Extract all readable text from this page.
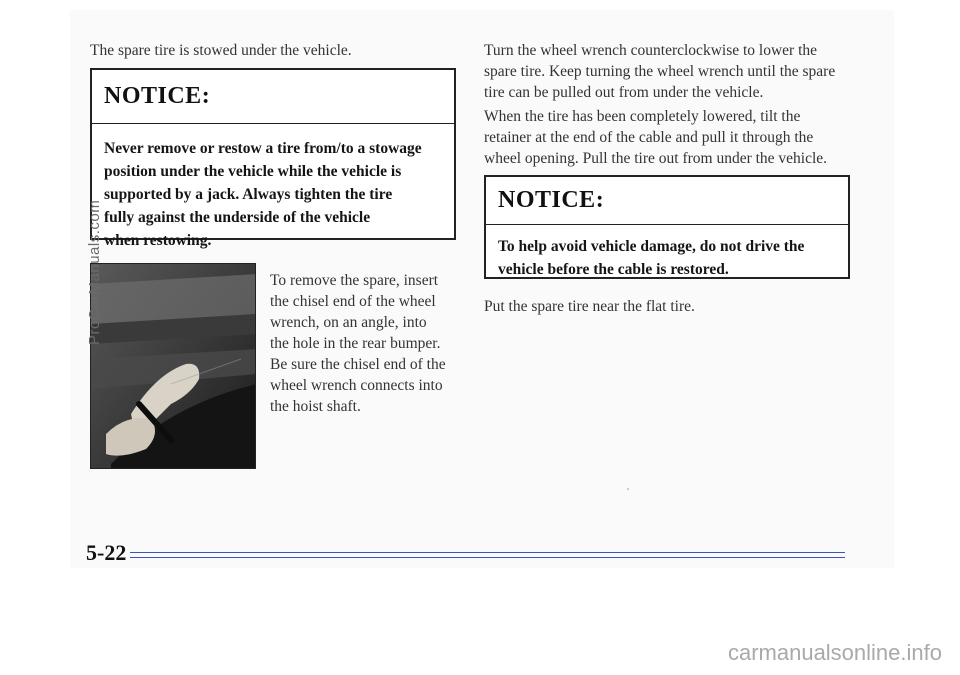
The spare tire is stowed under the vehicle.
NOTICE:
Never remove or restow a tire from/to a stowage
position under the vehicle while the vehicle is
supported by a jack. Always tighten the tire
fully against the underside of the vehicle
when restowing.
To remove the spare, insert
the chisel end of the wheel
wrench, on an angle, into
the hole in the rear bumper.
Be sure the chisel end of the
wheel wrench connects into
the hoist shaft.
Turn the wheel wrench counterclockwise to lower the
spare tire. Keep turning the wheel wrench until the spare
tire can be pulled out from under the vehicle.
When the tire has been completely lowered, tilt the
retainer at the end of the cable and pull it through the
wheel opening. Pull the tire out from under the vehicle.
NOTICE:
To help avoid vehicle damage, do not drive the
vehicle before the cable is restored.
Put the spare tire near the flat tire.
5-22
ProCarManuals.com
carmanualsonline.info
